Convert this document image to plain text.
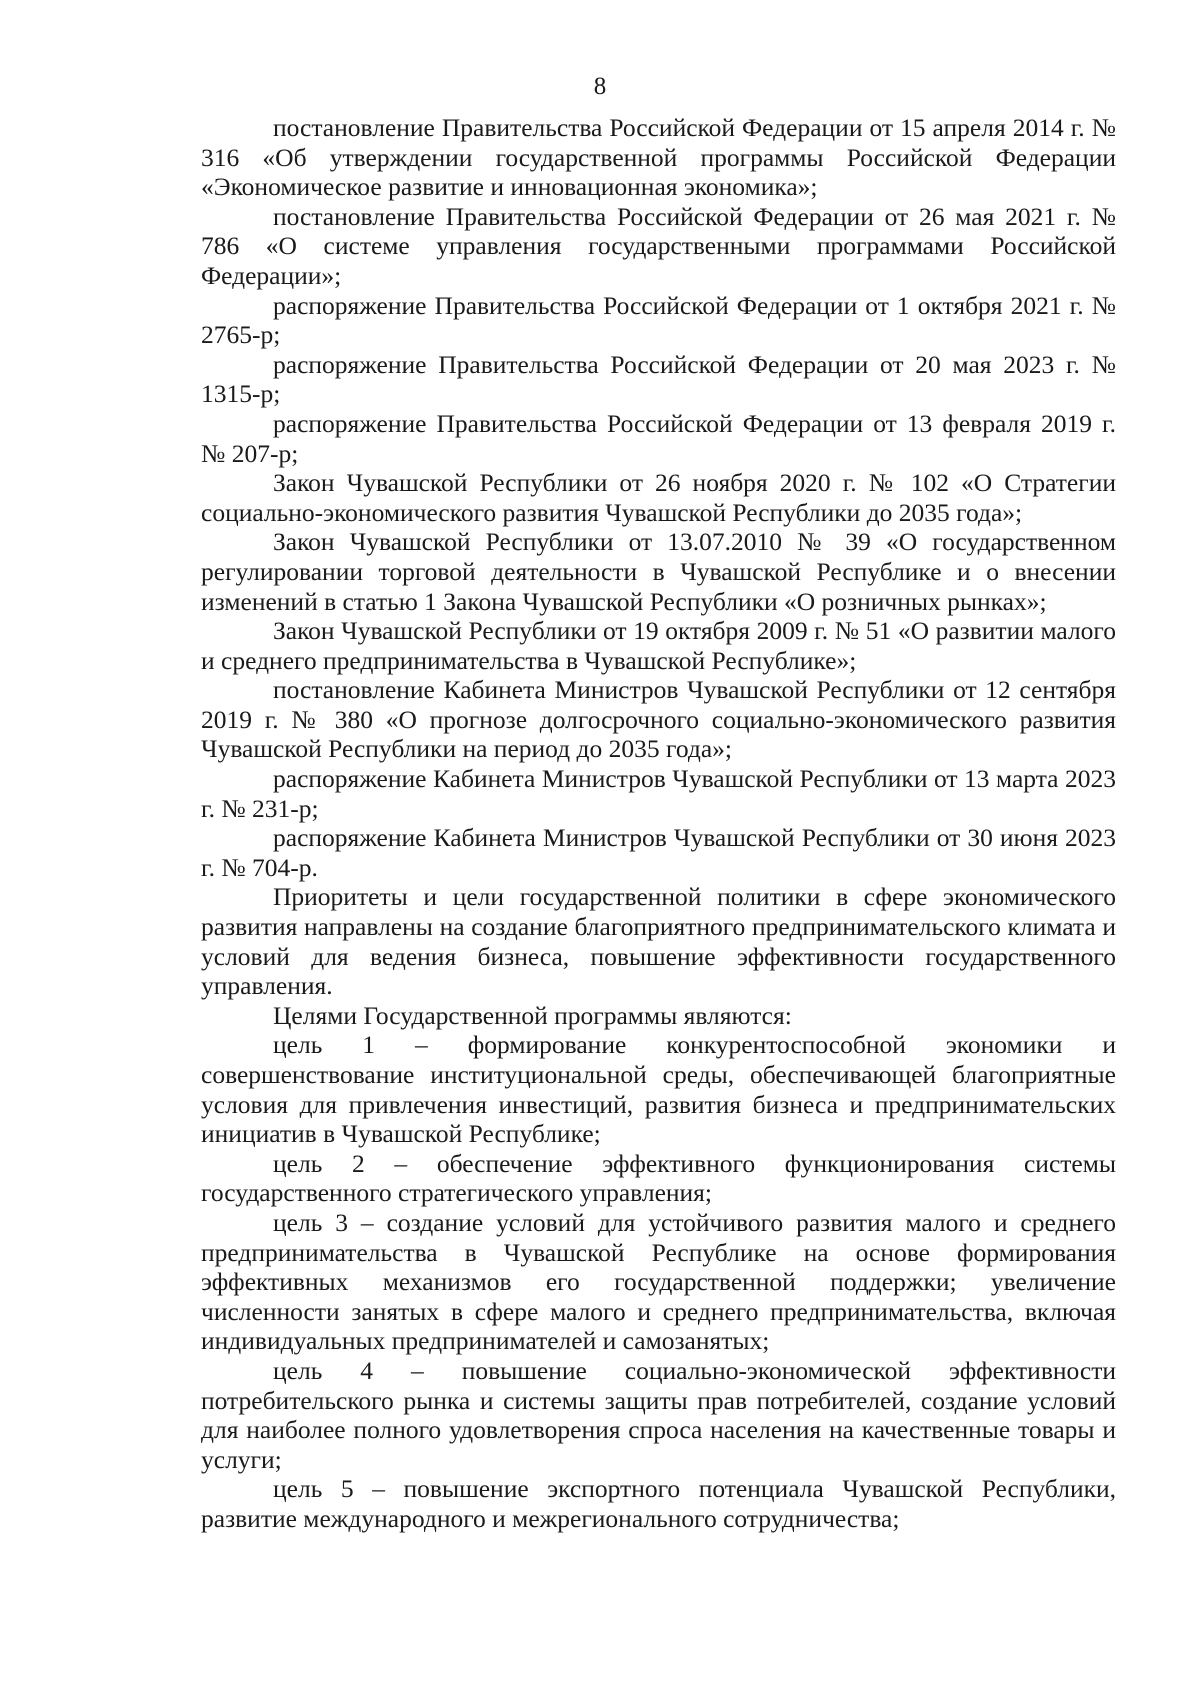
8

постановление Правительства Российской Федерации от 15 апреля 2014 г. № 316 «Об утверждении государственной программы Российской Федерации «Экономическое развитие и инновационная экономика»;

постановление Правительства Российской Федерации от 26 мая 2021 г. № 786 «О системе управления государственными программами Российской Федерации»;

распоряжение Правительства Российской Федерации от 1 октября 2021 г. № 2765-р;

распоряжение Правительства Российской Федерации от 20 мая 2023 г. № 1315-р;

распоряжение Правительства Российской Федерации от 13 февраля 2019 г. № 207-р;

Закон Чувашской Республики от 26 ноября 2020 г. № 102 «О Стратегии социально-экономического развития Чувашской Республики до 2035 года»;

Закон Чувашской Республики от 13.07.2010 № 39 «О государственном регулировании торговой деятельности в Чувашской Республике и о внесении изменений в статью 1 Закона Чувашской Республики «О розничных рынках»;

Закон Чувашской Республики от 19 октября 2009 г. № 51 «О развитии малого и среднего предпринимательства в Чувашской Республике»;

постановление Кабинета Министров Чувашской Республики от 12 сентября 2019 г. № 380 «О прогнозе долгосрочного социально-экономического развития Чувашской Республики на период до 2035 года»;

распоряжение Кабинета Министров Чувашской Республики от 13 марта 2023 г. № 231-р;

распоряжение Кабинета Министров Чувашской Республики от 30 июня 2023 г. № 704-р.

Приоритеты и цели государственной политики в сфере экономического развития направлены на создание благоприятного предпринимательского климата и условий для ведения бизнеса, повышение эффективности государственного управления.

Целями Государственной программы являются:

цель 1 – формирование конкурентоспособной экономики и совершенствование институциональной среды, обеспечивающей благоприятные условия для привлечения инвестиций, развития бизнеса и предпринимательских инициатив в Чувашской Республике;

цель 2 – обеспечение эффективного функционирования системы государственного стратегического управления;

цель 3 – создание условий для устойчивого развития малого и среднего предпринимательства в Чувашской Республике на основе формирования эффективных механизмов его государственной поддержки; увеличение численности занятых в сфере малого и среднего предпринимательства, включая индивидуальных предпринимателей и самозанятых;

цель 4 – повышение социально-экономической эффективности потребительского рынка и системы защиты прав потребителей, создание условий для наиболее полного удовлетворения спроса населения на качественные товары и услуги;

цель 5 – повышение экспортного потенциала Чувашской Республики, развитие международного и межрегионального сотрудничества;
